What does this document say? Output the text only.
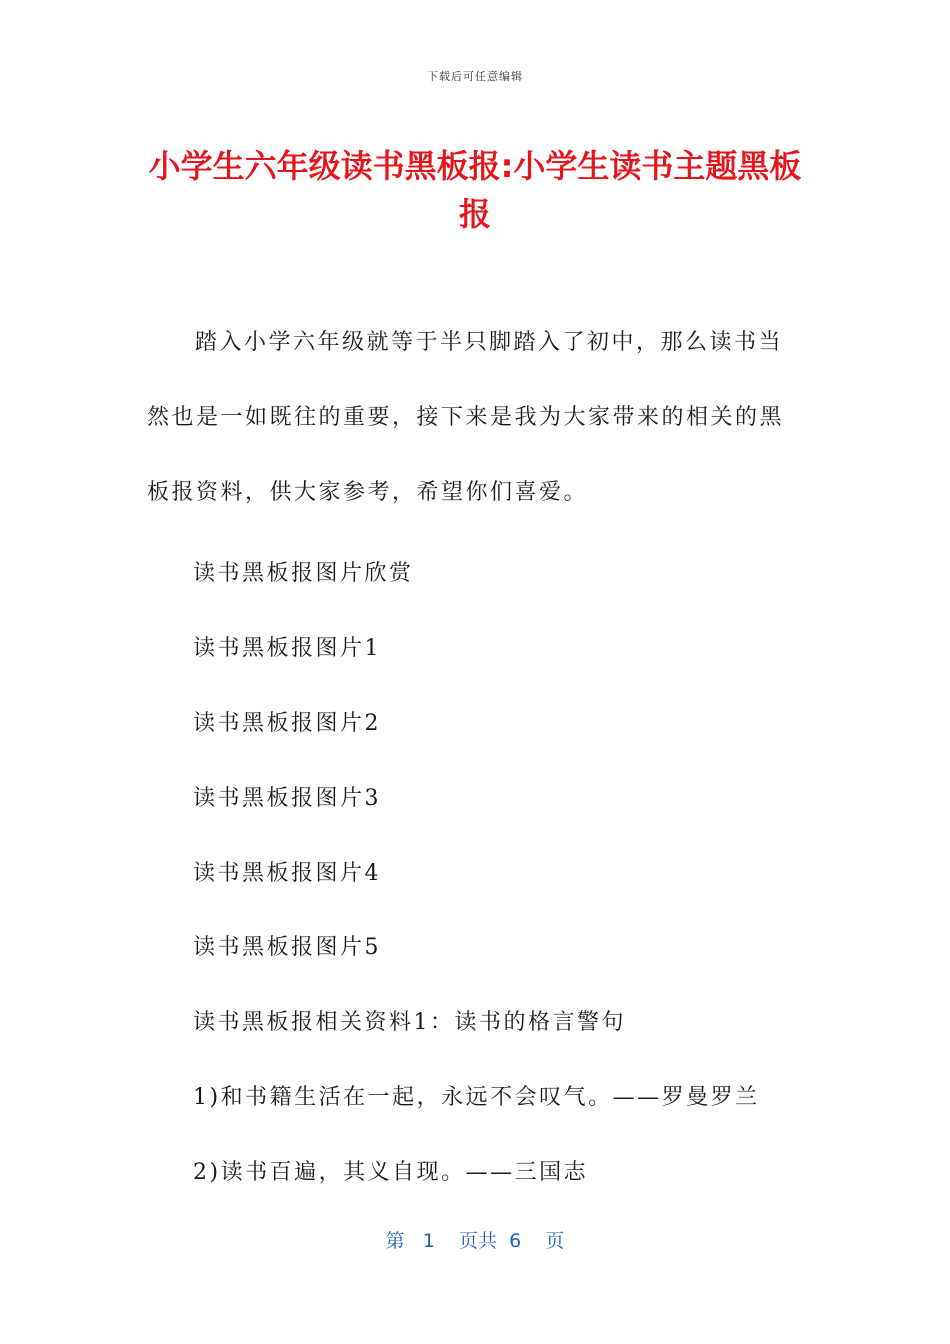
下载后可任意编辑
小学生六年级读书黑板报:小学生读书主题黑板报

踏入小学六年级就等于半只脚踏入了初中，那么读书当然也是一如既往的重要，接下来是我为大家带来的相关的黑板报资料，供大家参考，希望你们喜爱。

读书黑板报图片欣赏

读书黑板报图片1

读书黑板报图片2

读书黑板报图片3

读书黑板报图片4

读书黑板报图片5

读书黑板报相关资料1：读书的格言警句

1)和书籍生活在一起，永远不会叹气。——罗曼罗兰

2)读书百遍，其义自现。——三国志

第 1 页共 6 页
